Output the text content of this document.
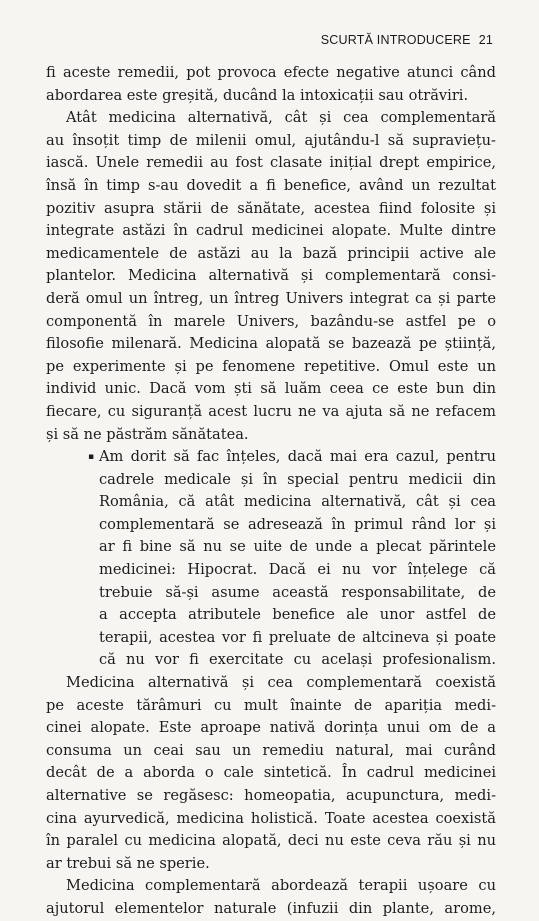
SCURTĂ INTRODUCERE 21
fi aceste remedii, pot provoca efecte negative atunci când
abordarea este greșită, ducând la intoxicații sau otrăviri.
Atât medicina alternativă, cât și cea complementară
au însoțit timp de milenii omul, ajutându-l să supraviețu-
iască. Unele remedii au fost clasate inițial drept empirice,
însă în timp s-au dovedit a fi benefice, având un rezultat
pozitiv asupra stării de sănătate, acestea fiind folosite și
integrate astăzi în cadrul medicinei alopate. Multe dintre
medicamentele de astăzi au la bază principii active ale
plantelor. Medicina alternativă și complementară consi-
deră omul un întreg, un întreg Univers integrat ca și parte
componentă în marele Univers, bazându-se astfel pe o
filosofie milenară. Medicina alopată se bazează pe știință,
pe experimente și pe fenomene repetitive. Omul este un
individ unic. Dacă vom ști să luăm ceea ce este bun din
fiecare, cu siguranță acest lucru ne va ajuta să ne refacem
și să ne păstrăm sănătatea.
▪ Am dorit să fac înțeles, dacă mai era cazul, pentru
cadrele medicale și în special pentru medicii din
România, că atât medicina alternativă, cât și cea
complementară se adresează în primul rând lor și
ar fi bine să nu se uite de unde a plecat părintele
medicinei: Hipocrat. Dacă ei nu vor înțelege că
trebuie să-și asume această responsabilitate, de
a accepta atributele benefice ale unor astfel de
terapii, acestea vor fi preluate de altcineva și poate
că nu vor fi exercitate cu același profesionalism.
Medicina alternativă și cea complementară coexistă
pe aceste tărâmuri cu mult înainte de apariția medi-
cinei alopate. Este aproape nativă dorința unui om de a
consuma un ceai sau un remediu natural, mai curând
decât de a aborda o cale sintetică. În cadrul medicinei
alternative se regăsesc: homeopatia, acupunctura, medi-
cina ayurvedică, medicina holistică. Toate acestea coexistă
în paralel cu medicina alopată, deci nu este ceva rău și nu
ar trebui să ne sperie.
Medicina complementară abordează terapii ușoare cu
ajutorul elementelor naturale (infuzii din plante, arome,
